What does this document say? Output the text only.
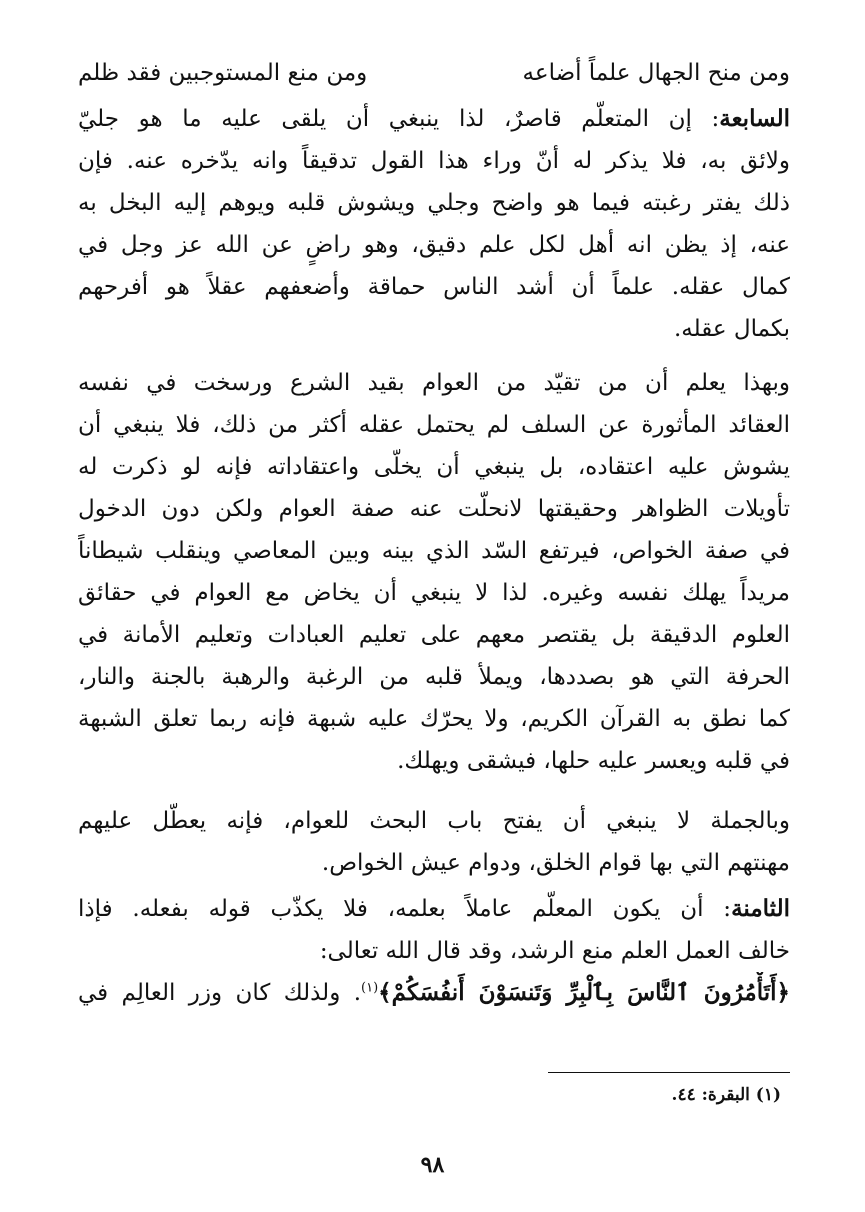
ومن منح الجهال علماً أضاعه
ومن منع المستوجبين فقد ظلم
السابعة: إن المتعلّم قاصرٌ، لذا ينبغي أن يلقى عليه ما هو جليّ
ولائق به، فلا يذكر له أنّ وراء هذا القول تدقيقاً وانه يدّخره عنه. فإن
ذلك يفتر رغبته فيما هو واضح وجلي ويشوش قلبه ويوهم إليه البخل به
عنه، إذ يظن انه أهل لكل علم دقيق، وهو راضٍ عن الله عز وجل في
كمال عقله. علماً أن أشد الناس حماقة وأضعفهم عقلاً هو أفرحهم
بكمال عقله.
وبهذا يعلم أن من تقيّد من العوام بقيد الشرع ورسخت في نفسه
العقائد المأثورة عن السلف لم يحتمل عقله أكثر من ذلك، فلا ينبغي أن
يشوش عليه اعتقاده، بل ينبغي أن يخلّى واعتقاداته فإنه لو ذكرت له
تأويلات الظواهر وحقيقتها لانحلّت عنه صفة العوام ولكن دون الدخول
في صفة الخواص، فيرتفع السّد الذي بينه وبين المعاصي وينقلب شيطاناً
مريداً يهلك نفسه وغيره. لذا لا ينبغي أن يخاض مع العوام في حقائق
العلوم الدقيقة بل يقتصر معهم على تعليم العبادات وتعليم الأمانة في
الحرفة التي هو بصددها، ويملأ قلبه من الرغبة والرهبة بالجنة والنار،
كما نطق به القرآن الكريم، ولا يحرّك عليه شبهة فإنه ربما تعلق الشبهة
في قلبه ويعسر عليه حلها، فيشقى ويهلك.
وبالجملة لا ينبغي أن يفتح باب البحث للعوام، فإنه يعطّل عليهم
مهنتهم التي بها قوام الخلق، ودوام عيش الخواص.
الثامنة: أن يكون المعلّم عاملاً بعلمه، فلا يكذّب قوله بفعله. فإذا
خالف العمل العلم منع الرشد، وقد قال الله تعالى:
﴿أَتَأْمُرُونَ ٱلنَّاسَ بِٱلْبِرِّ وَتَنسَوْنَ أَنفُسَكُمْ﴾$^{(١)}$. ولذلك كان وزر العالِم في
(١) البقرة: ٤٤.
٩٨
